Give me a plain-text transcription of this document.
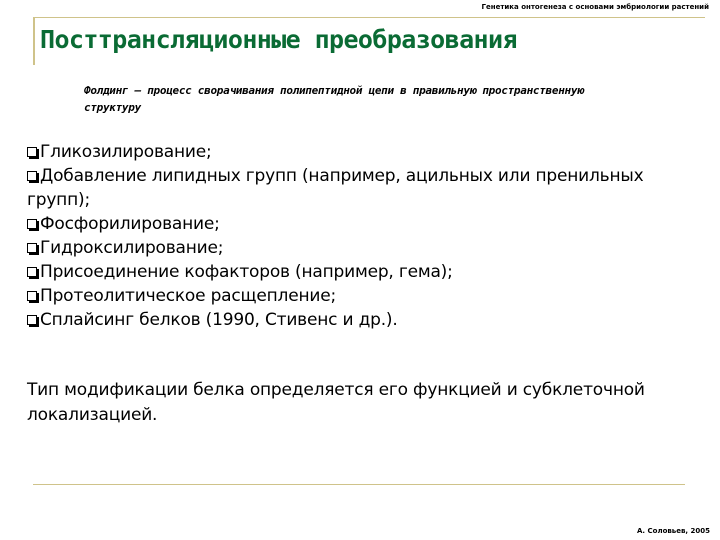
Генетика онтогенеза с основами эмбриологии растений
Посттрансляционные преобразования
Фолдинг – процесс сворачивания полипептидной цепи в правильную пространственную структуру
Гликозилирование;
Добавление липидных групп (например, ацильных или пренильных групп);
Фосфорилирование;
Гидроксилирование;
Присоединение кофакторов (например, гема);
Протеолитическое расщепление;
Сплайсинг белков (1990, Стивенс и др.).
Тип модификации белка определяется его функцией и субклеточной локализацией.
А. Соловьев, 2005
